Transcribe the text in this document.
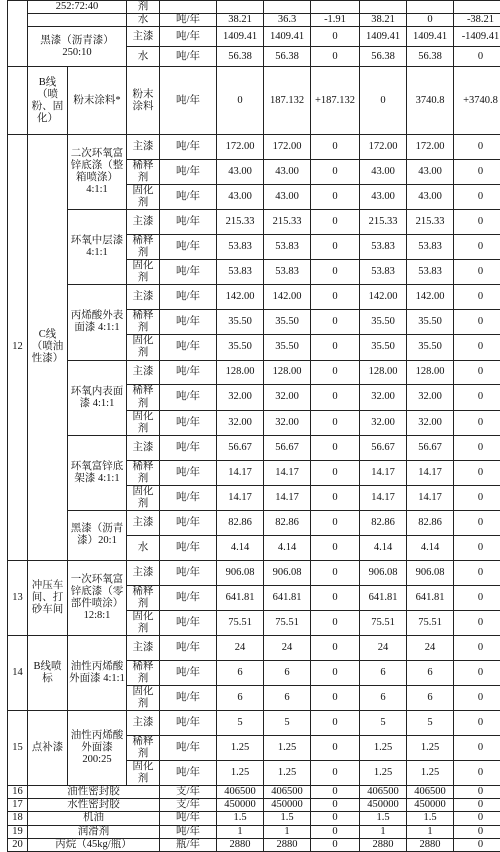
	252:72:40		剂							
			水	吨/年	38.21	36.3	-1.91	38.21	0	-38.21
	黑漆（沥青漆）250:10		主漆	吨/年	1409.41	1409.41	0	1409.41	1409.41	-1409.41
			水	吨/年	56.38	56.38	0	56.38	56.38	0
	B线（喷粉、固化）	粉末涂料*	粉末涂料	吨/年	0	187.132	+187.132	0	3740.8	+3740.8
12	C线（喷油性漆）	二次环氧富锌底涤（整箱喷涤）4:1:1	主漆	吨/年	172.00	172.00	0	172.00	172.00	0
			稀释剂	吨/年	43.00	43.00	0	43.00	43.00	0
			固化剂	吨/年	43.00	43.00	0	43.00	43.00	0
		环氧中层漆 4:1:1	主漆	吨/年	215.33	215.33	0	215.33	215.33	0
			稀释剂	吨/年	53.83	53.83	0	53.83	53.83	0
			固化剂	吨/年	53.83	53.83	0	53.83	53.83	0
		丙烯酸外表面漆 4:1:1	主漆	吨/年	142.00	142.00	0	142.00	142.00	0
			稀释剂	吨/年	35.50	35.50	0	35.50	35.50	0
			固化剂	吨/年	35.50	35.50	0	35.50	35.50	0
		环氧内表面漆 4:1:1	主漆	吨/年	128.00	128.00	0	128.00	128.00	0
			稀释剂	吨/年	32.00	32.00	0	32.00	32.00	0
			固化剂	吨/年	32.00	32.00	0	32.00	32.00	0
		环氧富锌底架漆 4:1:1	主漆	吨/年	56.67	56.67	0	56.67	56.67	0
			稀释剂	吨/年	14.17	14.17	0	14.17	14.17	0
			固化剂	吨/年	14.17	14.17	0	14.17	14.17	0
		黑漆（沥青漆）20:1	主漆	吨/年	82.86	82.86	0	82.86	82.86	0
			水	吨/年	4.14	4.14	0	4.14	4.14	0
13	冲压车间、打砂车间	一次环氧富锌底漆（零部件喷涂）12:8:1	主漆	吨/年	906.08	906.08	0	906.08	906.08	0
			稀释剂	吨/年	641.81	641.81	0	641.81	641.81	0
			固化剂	吨/年	75.51	75.51	0	75.51	75.51	0
14	B线喷标	油性丙烯酸外面漆 4:1:1	主漆	吨/年	24	24	0	24	24	0
			稀释剂	吨/年	6	6	0	6	6	0
			固化剂	吨/年	6	6	0	6	6	0
15	点补漆	油性丙烯酸外面漆 200:25	主漆	吨/年	5	5	0	5	5	0
			稀释剂	吨/年	1.25	1.25	0	1.25	1.25	0
			固化剂	吨/年	1.25	1.25	0	1.25	1.25	0
16	油性密封胶			支/年	406500	406500	0	406500	406500	0
17	水性密封胶			支/年	450000	450000	0	450000	450000	0
18	机油			吨/年	1.5	1.5	0	1.5	1.5	0
19	润滑剂			吨/年	1	1	0	1	1	0
20	丙烷（45kg/瓶）			瓶/年	2880	2880	0	2880	2880	0
